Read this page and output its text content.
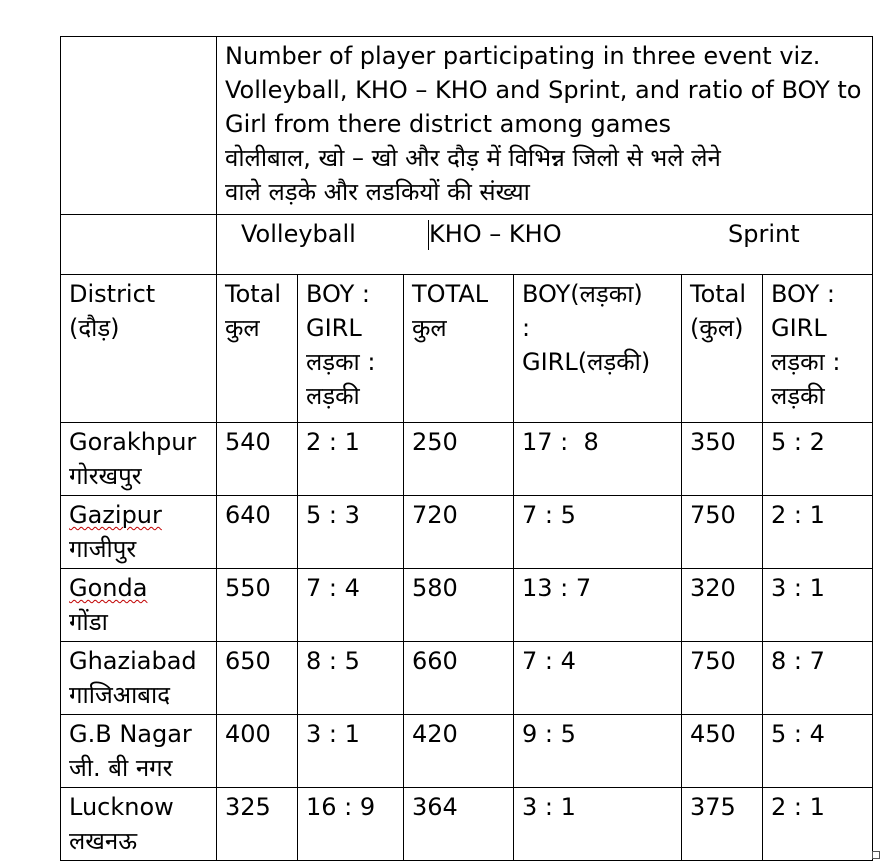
	Number of player participating in three event viz. Volleyball, KHO – KHO and Sprint, and ratio of BOY to Girl from there district among games
वोलीबाल, खो – खो और दौड़ में विभिन्न जिलो से भले लेने
वाले लड़के और लडकियों की संख्या					

	Volleyball KHO – KHO Sprint					

District
(दौड़)	Total
कुल	BOY :
GIRL
लड़का :
लड़की	TOTAL
कुल	BOY(लड़का)
:
GIRL(लड़की)	Total
(कुल)	BOY :
GIRL
लड़का :
लड़की

Gorakhpur
गोरखपुर	540	2 : 1	250	17 :  8	350	5 : 2

Gazipur
गाजीपुर	640	5 : 3	720	7 : 5	750	2 : 1

Gonda
गोंडा	550	7 : 4	580	13 : 7	320	3 : 1

Ghaziabad
गाजिआबाद	650	8 : 5	660	7 : 4	750	8 : 7

G.B Nagar
जी. बी नगर	400	3 : 1	420	9 : 5	450	5 : 4

Lucknow
लखनऊ	325	16 : 9	364	3 : 1	375	2 : 1
